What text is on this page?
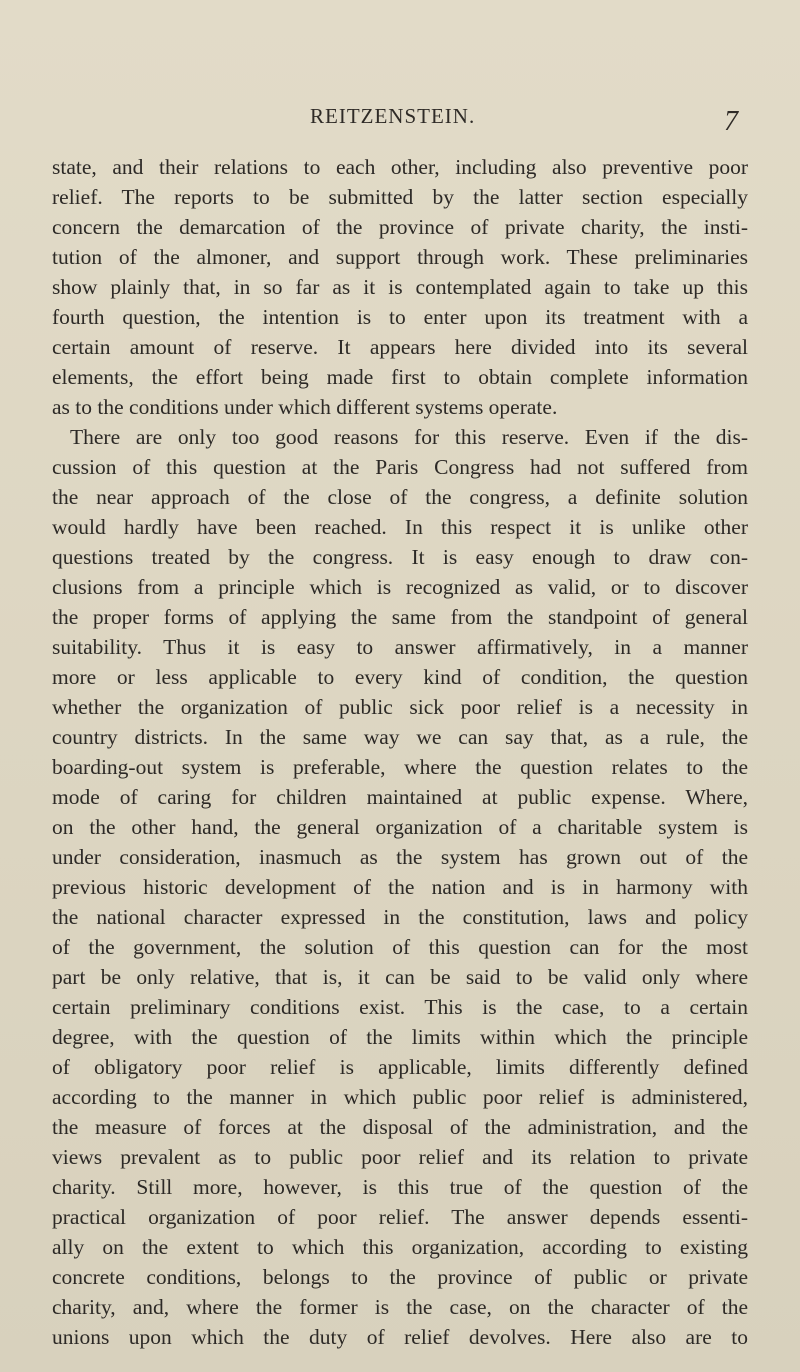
REITZENSTEIN.	7
state, and their relations to each other, including also preventive poor
relief. The reports to be submitted by the latter section especially
concern the demarcation of the province of private charity, the insti-
tution of the almoner, and support through work. These preliminaries
show plainly that, in so far as it is contemplated again to take up this
fourth question, the intention is to enter upon its treatment with a
certain amount of reserve. It appears here divided into its several
elements, the effort being made first to obtain complete information
as to the conditions under which different systems operate.
There are only too good reasons for this reserve. Even if the dis-
cussion of this question at the Paris Congress had not suffered from
the near approach of the close of the congress, a definite solution
would hardly have been reached. In this respect it is unlike other
questions treated by the congress. It is easy enough to draw con-
clusions from a principle which is recognized as valid, or to discover
the proper forms of applying the same from the standpoint of general
suitability. Thus it is easy to answer affirmatively, in a manner
more or less applicable to every kind of condition, the question
whether the organization of public sick poor relief is a necessity in
country districts. In the same way we can say that, as a rule, the
boarding-out system is preferable, where the question relates to the
mode of caring for children maintained at public expense. Where,
on the other hand, the general organization of a charitable system is
under consideration, inasmuch as the system has grown out of the
previous historic development of the nation and is in harmony with
the national character expressed in the constitution, laws and policy
of the government, the solution of this question can for the most
part be only relative, that is, it can be said to be valid only where
certain preliminary conditions exist. This is the case, to a certain
degree, with the question of the limits within which the principle
of obligatory poor relief is applicable, limits differently defined
according to the manner in which public poor relief is administered,
the measure of forces at the disposal of the administration, and the
views prevalent as to public poor relief and its relation to private
charity. Still more, however, is this true of the question of the
practical organization of poor relief. The answer depends essenti-
ally on the extent to which this organization, according to existing
concrete conditions, belongs to the province of public or private
charity, and, where the former is the case, on the character of the
unions upon which the duty of relief devolves. Here also are to
